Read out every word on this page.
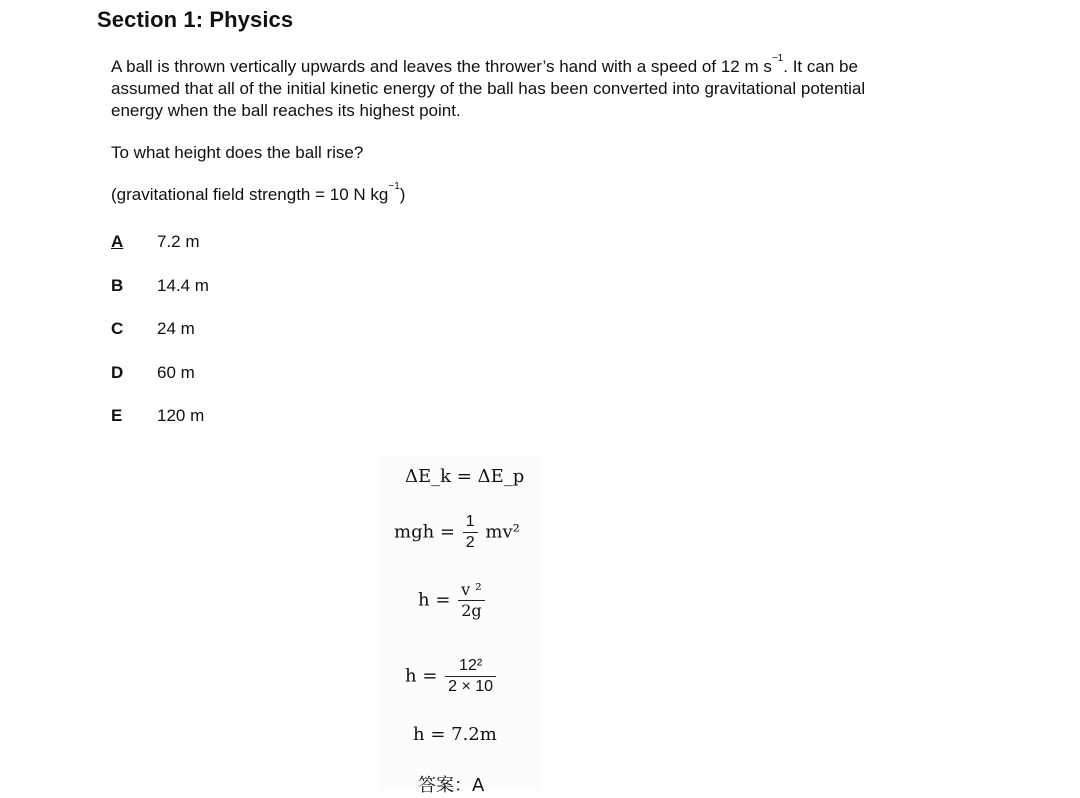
Section 1: Physics

A ball is thrown vertically upwards and leaves the thrower’s hand with a speed of 12 m $s^{-1}$. It can be assumed that all of the initial kinetic energy of the ball has been converted into gravitational potential energy when the ball reaches its highest point.

To what height does the ball rise?

(gravitational field strength = 10 N $kg^{-1}$)

A	7.2 m
B	14.4 m
C	24 m
D	60 m
E	120 m
ΔE_k = ΔE_p
mgh = $\frac{1}{2} mv^2$
$h = \frac{\text{v ²}}{2g}$
$h = \frac{\text{12²}}{2 \times 10}$
h = 7.2m
答案：A
